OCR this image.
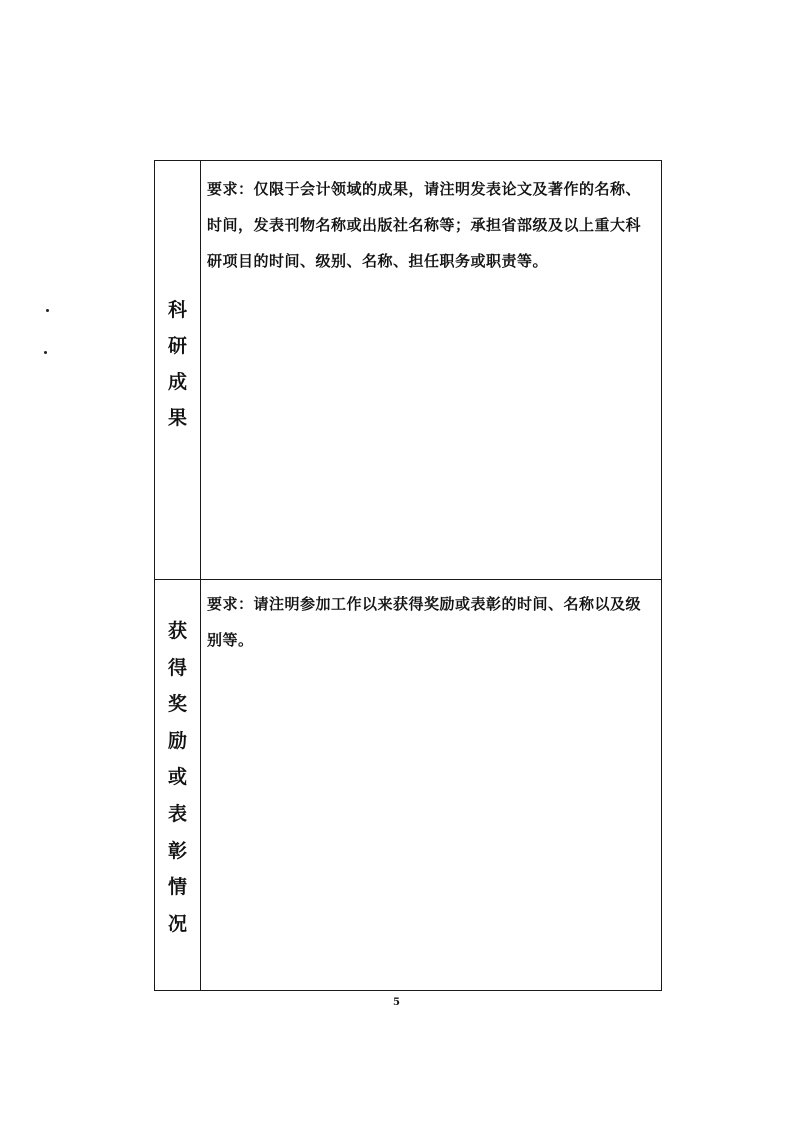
科
研
成
果

要求：仅限于会计领域的成果，请注明发表论文及著作的名称、时间，发表刊物名称或出版社名称等；承担省部级及以上重大科研项目的时间、级别、名称、担任职务或职责等。

获
得
奖
励
或
表
彰
情
况

要求：请注明参加工作以来获得奖励或表彰的时间、名称以及级别等。

5
